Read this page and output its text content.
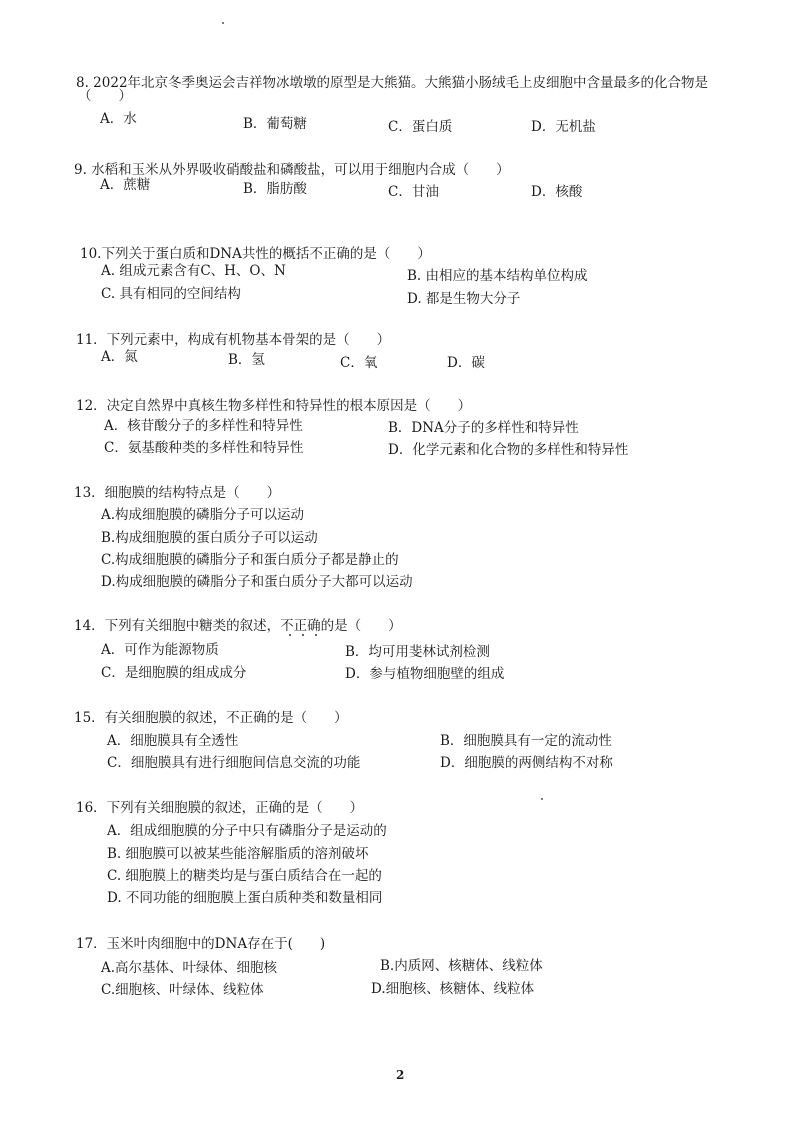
8. 2022年北京冬季奥运会吉祥物冰墩墩的原型是大熊猫。大熊猫小肠绒毛上皮细胞中含量最多的化合物是
（　　）
A．水	B．葡萄糖	C．蛋白质	D．无机盐
9. 水稻和玉米从外界吸收硝酸盐和磷酸盐，可以用于细胞内合成（　　）
A．蔗糖	B．脂肪酸	C．甘油	D．核酸
10.下列关于蛋白质和DNA共性的概括不正确的是（　　）
A. 组成元素含有C、H、O、N	B. 由相应的基本结构单位构成
C. 具有相同的空间结构	D. 都是生物大分子
11．下列元素中，构成有机物基本骨架的是（　　）
A．氮	B．氢	C．氧	D．碳
12．决定自然界中真核生物多样性和特异性的根本原因是（　　）
A．核苷酸分子的多样性和特异性	B．DNA分子的多样性和特异性
C．氨基酸种类的多样性和特异性	D．化学元素和化合物的多样性和特异性
13．细胞膜的结构特点是（　　）
A.构成细胞膜的磷脂分子可以运动
B.构成细胞膜的蛋白质分子可以运动
C.构成细胞膜的磷脂分子和蛋白质分子都是静止的
D.构成细胞膜的磷脂分子和蛋白质分子大都可以运动
14．下列有关细胞中糖类的叙述，不正确的是（　　）
A．可作为能源物质	B．均可用斐林试剂检测
C．是细胞膜的组成成分	D．参与植物细胞壁的组成
15．有关细胞膜的叙述，不正确的是（　　）
A．细胞膜具有全透性	B．细胞膜具有一定的流动性
C．细胞膜具有进行细胞间信息交流的功能	D．细胞膜的两侧结构不对称
16．下列有关细胞膜的叙述，正确的是（　　）
A．组成细胞膜的分子中只有磷脂分子是运动的
B. 细胞膜可以被某些能溶解脂质的溶剂破坏
C. 细胞膜上的糖类均是与蛋白质结合在一起的
D. 不同功能的细胞膜上蛋白质种类和数量相同
17．玉米叶肉细胞中的DNA存在于(　　)
A.高尔基体、叶绿体、细胞核	B.内质网、核糖体、线粒体
C.细胞核、叶绿体、线粒体	D.细胞核、核糖体、线粒体
2
